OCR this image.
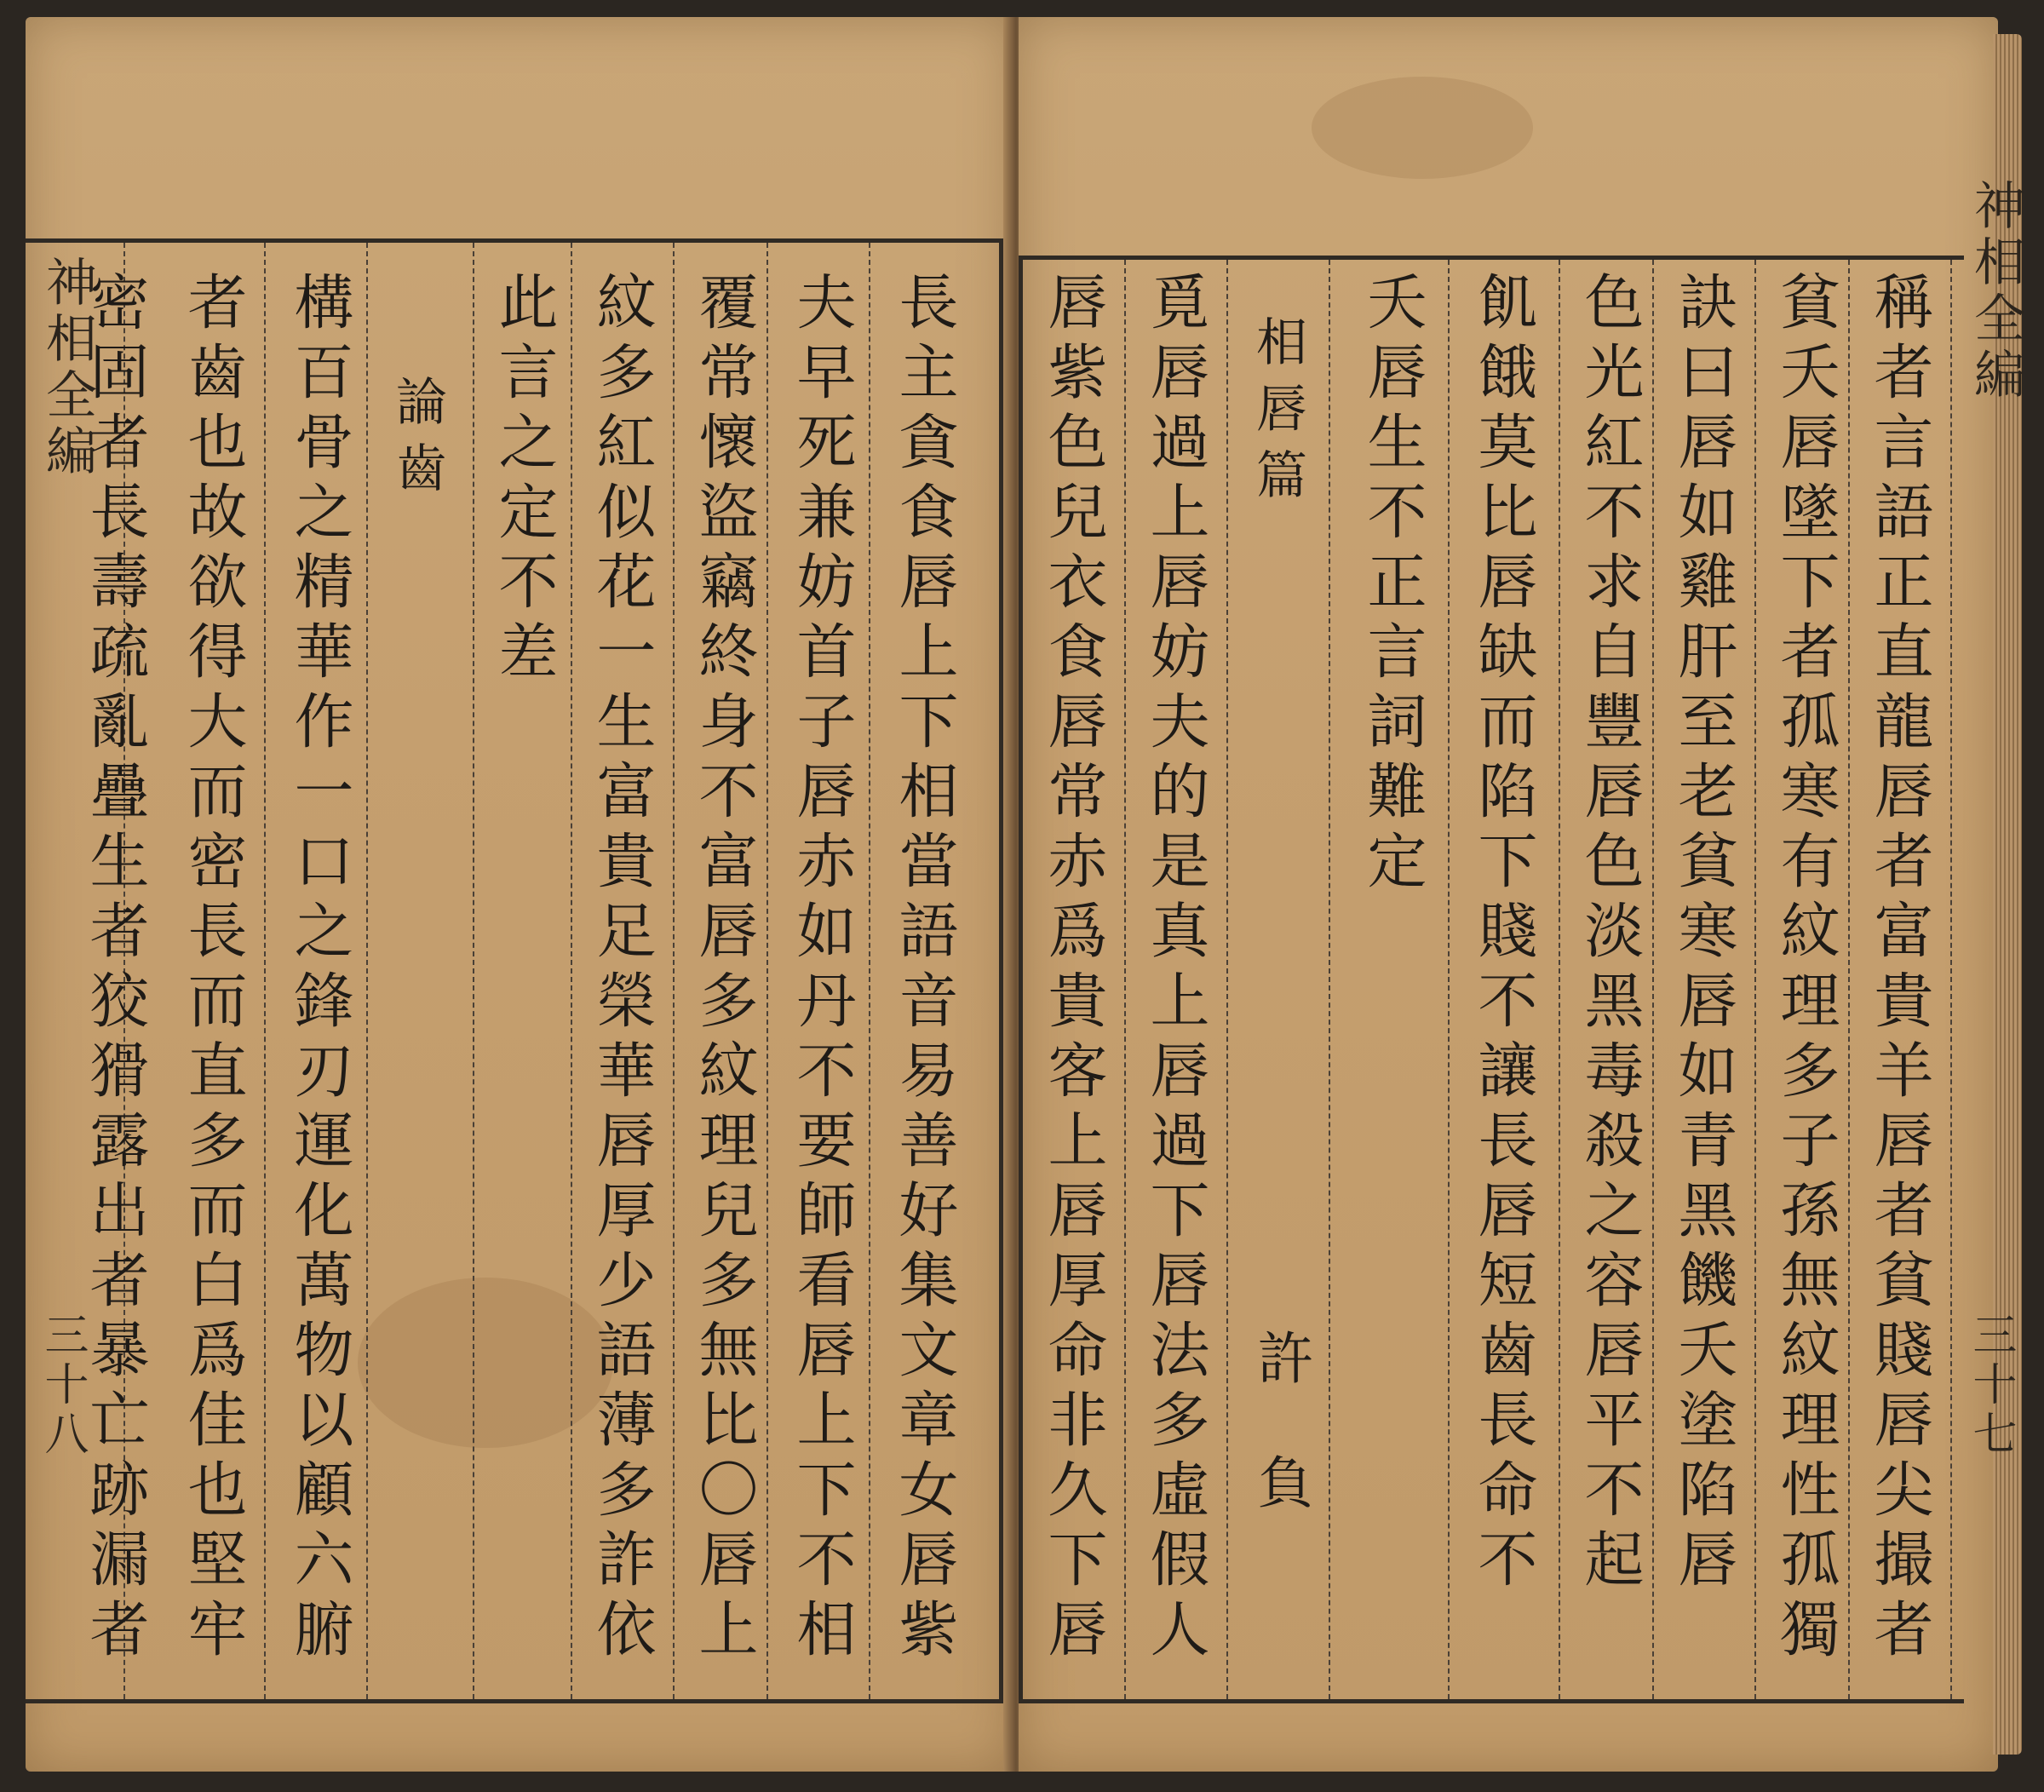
長主貪食唇上下相當語音易善好集文章女唇紫
夫早死兼妨首子唇赤如丹不要師看唇上下不相
覆常懷盜竊終身不富唇多紋理兒多無比〇唇上
紋多紅似花一生富貴足榮華唇厚少語薄多詐依
此言之定不差
論齒
構百骨之精華作一口之鋒刃運化萬物以顧六腑
者齒也故欲得大而密長而直多而白爲佳也堅牢
密固者長壽疏亂疊生者狡猾露出者暴亡跡漏者
神相全編
三十八	稱者言語正直龍唇者富貴羊唇者貧賤唇尖撮者
貧夭唇墜下者孤寒有紋理多子孫無紋理性孤獨
訣曰唇如雞肝至老貧寒唇如青黑饑夭塗陷唇
色光紅不求自豐唇色淡黑毒殺之容唇平不起
飢餓莫比唇缺而陷下賤不讓長唇短齒長命不
夭唇生不正言詞難定
相唇篇
許負
覓唇過上唇妨夫的是真上唇過下唇法多虛假人
唇紫色兒衣食唇常赤爲貴客上唇厚命非久下唇	神相全編
三十七
